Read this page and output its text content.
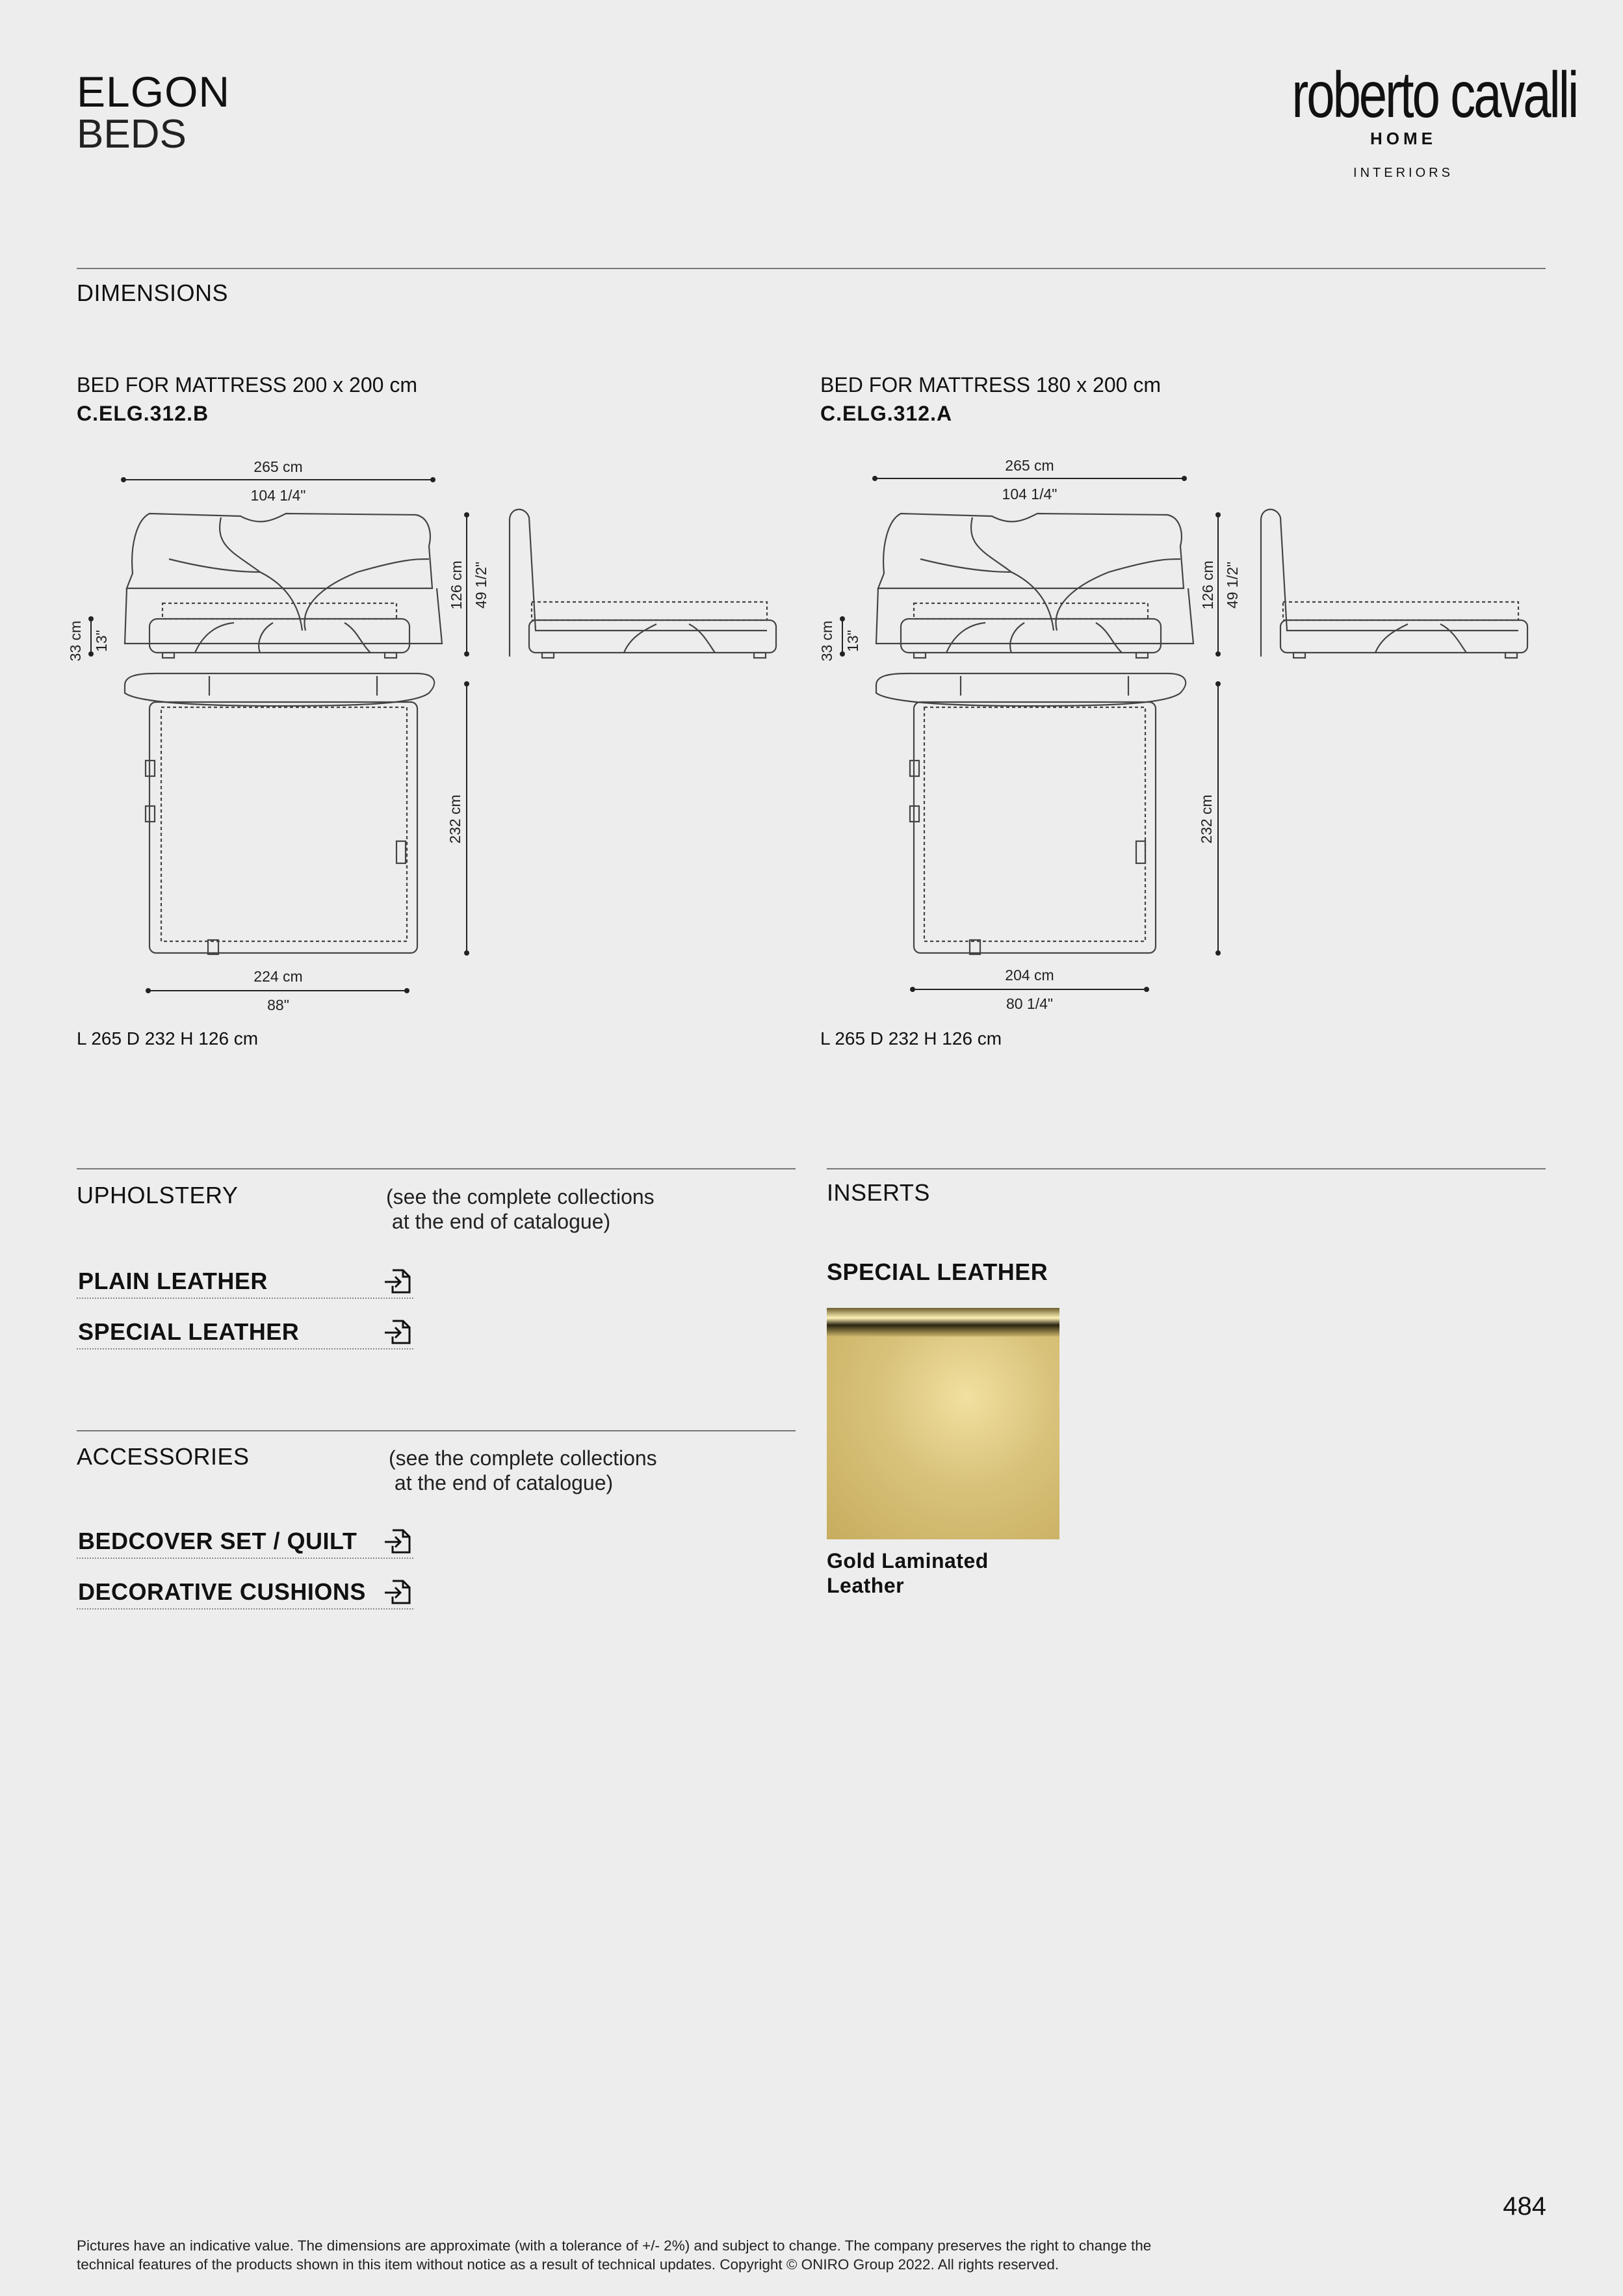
ELGON
BEDS
roberto cavalli
HOME
INTERIORS
DIMENSIONS
BED FOR MATTRESS 200 x 200 cm
C.ELG.312.B
265 cm
104 1/4"
126 cm 49 1/2"
33 cm 13"
232 cm
224 cm
88"
L 265 D 232 H 126 cm
BED FOR MATTRESS 180 x 200 cm
C.ELG.312.A
265 cm
104 1/4"
126 cm 49 1/2"
33 cm 13"
232 cm
204 cm
80 1/4"
L 265 D 232 H 126 cm
UPHOLSTERY	(see the complete collections
at the end of catalogue)
PLAIN LEATHER
SPECIAL LEATHER
ACCESSORIES	(see the complete collections
at the end of catalogue)
BEDCOVER SET / QUILT
DECORATIVE CUSHIONS
INSERTS
SPECIAL LEATHER
Gold Laminated
Leather
484
Pictures have an indicative value. The dimensions are approximate (with a tolerance of +/- 2%) and subject to change. The company preserves the right to change the
technical features of the products shown in this item without notice as a result of technical updates. Copyright © ONIRO Group 2022. All rights reserved.
